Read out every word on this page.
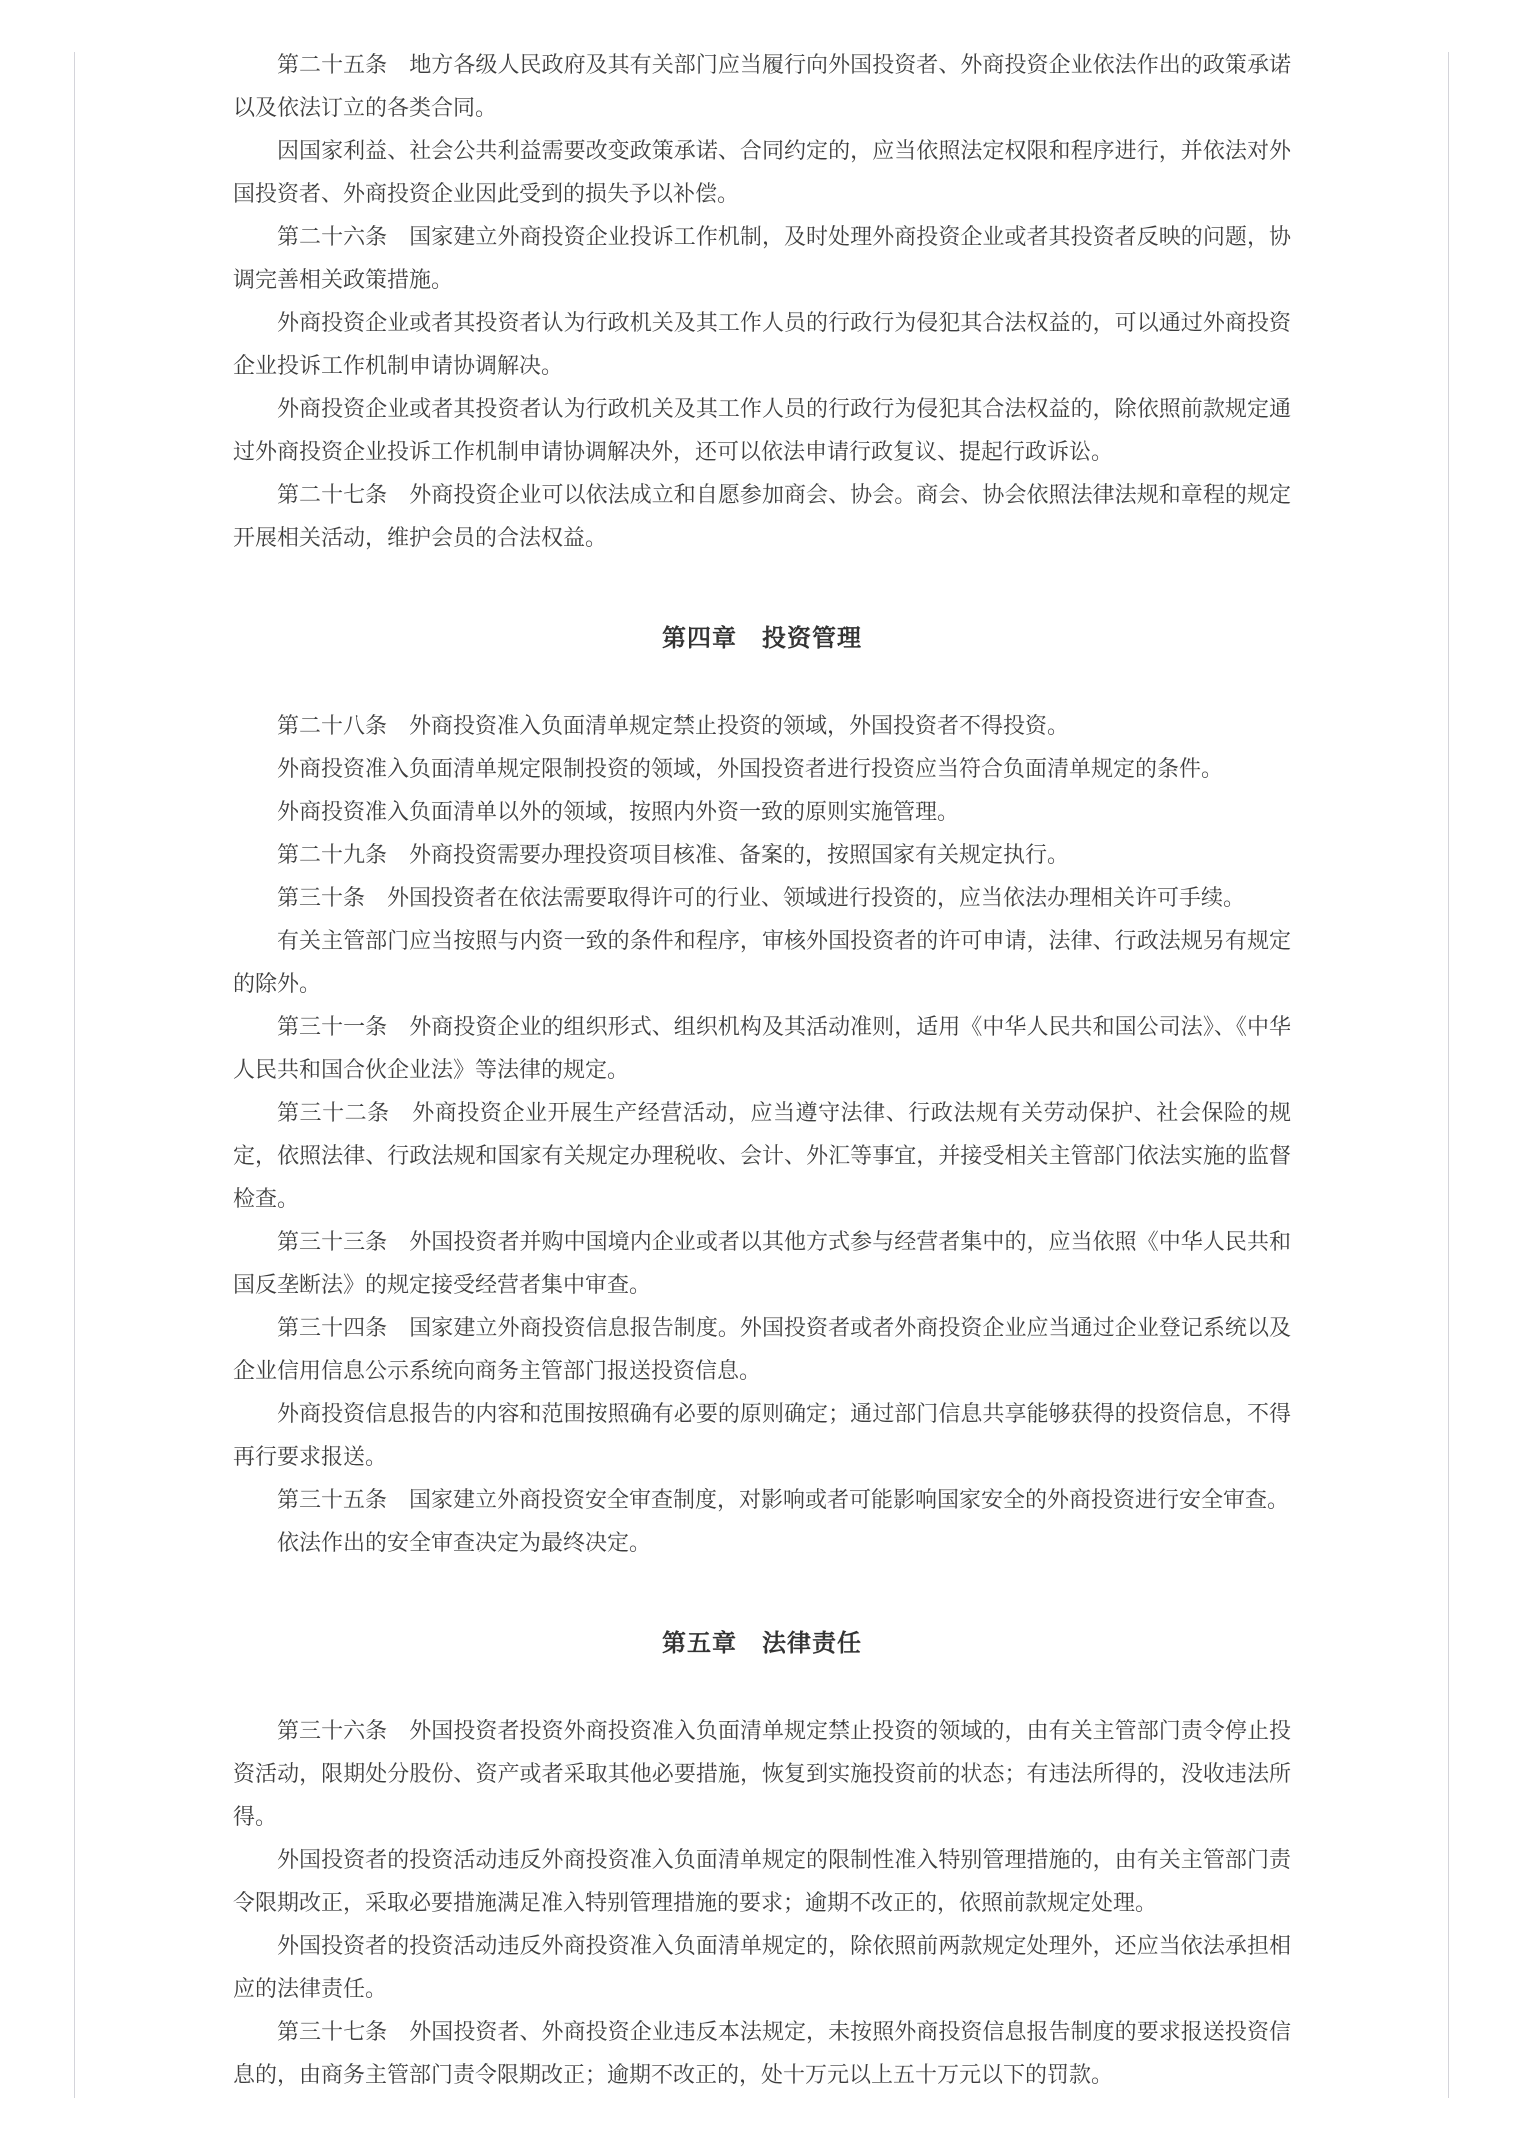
第二十五条　地方各级人民政府及其有关部门应当履行向外国投资者、外商投资企业依法作出的政策承诺以及依法订立的各类合同。

因国家利益、社会公共利益需要改变政策承诺、合同约定的，应当依照法定权限和程序进行，并依法对外国投资者、外商投资企业因此受到的损失予以补偿。

第二十六条　国家建立外商投资企业投诉工作机制，及时处理外商投资企业或者其投资者反映的问题，协调完善相关政策措施。

外商投资企业或者其投资者认为行政机关及其工作人员的行政行为侵犯其合法权益的，可以通过外商投资企业投诉工作机制申请协调解决。

外商投资企业或者其投资者认为行政机关及其工作人员的行政行为侵犯其合法权益的，除依照前款规定通过外商投资企业投诉工作机制申请协调解决外，还可以依法申请行政复议、提起行政诉讼。

第二十七条　外商投资企业可以依法成立和自愿参加商会、协会。商会、协会依照法律法规和章程的规定开展相关活动，维护会员的合法权益。

第四章　投资管理

第二十八条　外商投资准入负面清单规定禁止投资的领域，外国投资者不得投资。

外商投资准入负面清单规定限制投资的领域，外国投资者进行投资应当符合负面清单规定的条件。

外商投资准入负面清单以外的领域，按照内外资一致的原则实施管理。

第二十九条　外商投资需要办理投资项目核准、备案的，按照国家有关规定执行。

第三十条　外国投资者在依法需要取得许可的行业、领域进行投资的，应当依法办理相关许可手续。

有关主管部门应当按照与内资一致的条件和程序，审核外国投资者的许可申请，法律、行政法规另有规定的除外。

第三十一条　外商投资企业的组织形式、组织机构及其活动准则，适用《中华人民共和国公司法》、《中华人民共和国合伙企业法》等法律的规定。

第三十二条　外商投资企业开展生产经营活动，应当遵守法律、行政法规有关劳动保护、社会保险的规定，依照法律、行政法规和国家有关规定办理税收、会计、外汇等事宜，并接受相关主管部门依法实施的监督检查。

第三十三条　外国投资者并购中国境内企业或者以其他方式参与经营者集中的，应当依照《中华人民共和国反垄断法》的规定接受经营者集中审查。

第三十四条　国家建立外商投资信息报告制度。外国投资者或者外商投资企业应当通过企业登记系统以及企业信用信息公示系统向商务主管部门报送投资信息。

外商投资信息报告的内容和范围按照确有必要的原则确定；通过部门信息共享能够获得的投资信息，不得再行要求报送。

第三十五条　国家建立外商投资安全审查制度，对影响或者可能影响国家安全的外商投资进行安全审查。

依法作出的安全审查决定为最终决定。

第五章　法律责任

第三十六条　外国投资者投资外商投资准入负面清单规定禁止投资的领域的，由有关主管部门责令停止投资活动，限期处分股份、资产或者采取其他必要措施，恢复到实施投资前的状态；有违法所得的，没收违法所得。

外国投资者的投资活动违反外商投资准入负面清单规定的限制性准入特别管理措施的，由有关主管部门责令限期改正，采取必要措施满足准入特别管理措施的要求；逾期不改正的，依照前款规定处理。

外国投资者的投资活动违反外商投资准入负面清单规定的，除依照前两款规定处理外，还应当依法承担相应的法律责任。

第三十七条　外国投资者、外商投资企业违反本法规定，未按照外商投资信息报告制度的要求报送投资信息的，由商务主管部门责令限期改正；逾期不改正的，处十万元以上五十万元以下的罚款。
